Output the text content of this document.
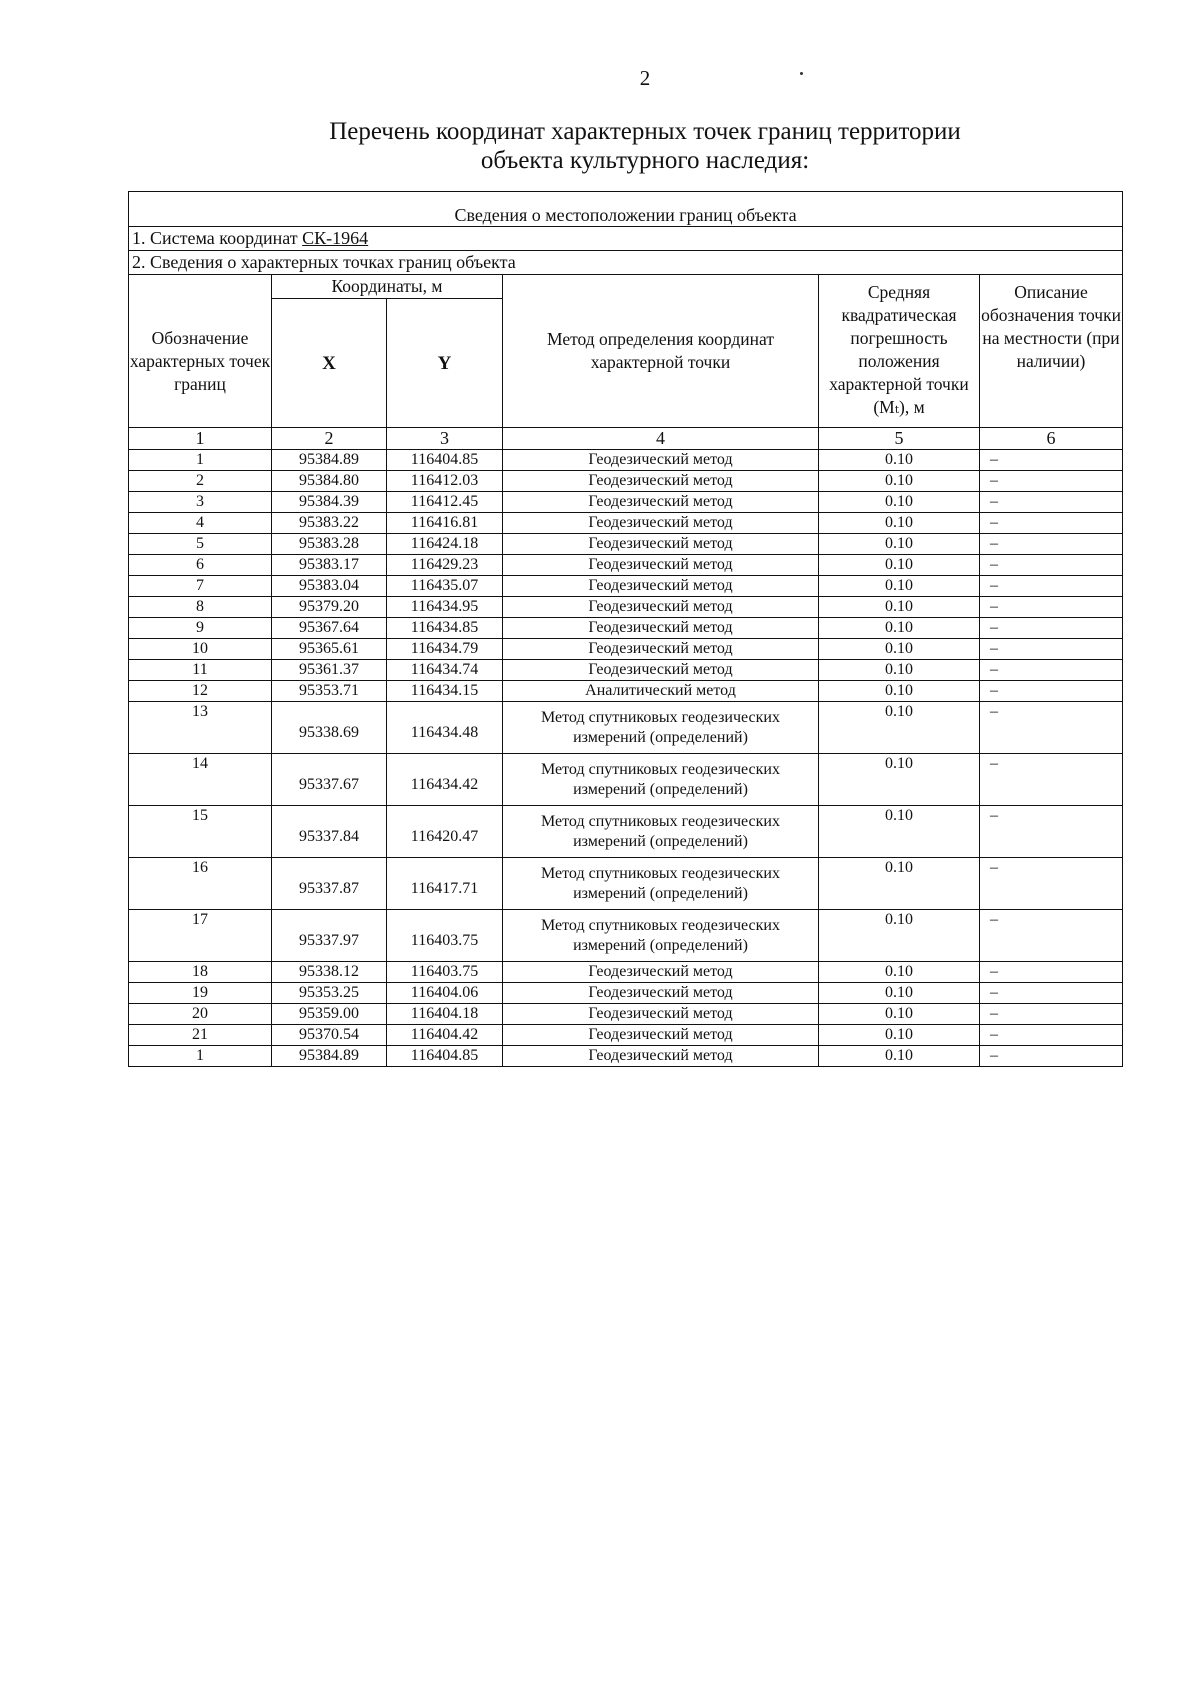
2
Перечень координат характерных точек границ территории
объекта культурного наследия:
Сведения о местоположении границ объекта					
1. Система координат СК-1964					
2. Сведения о характерных точках границ объекта					
Обозначение характерных точек границ	Координаты, м		Метод определения координат характерной точки	Средняя квадратическая погрешность положения характерной точки (Mₜ), м	Описание обозначения точки на местности (при наличии)
	X	Y			
1	2	3	4	5	6
1	95384.89	116404.85	Геодезический метод	0.10	–
2	95384.80	116412.03	Геодезический метод	0.10	–
3	95384.39	116412.45	Геодезический метод	0.10	–
4	95383.22	116416.81	Геодезический метод	0.10	–
5	95383.28	116424.18	Геодезический метод	0.10	–
6	95383.17	116429.23	Геодезический метод	0.10	–
7	95383.04	116435.07	Геодезический метод	0.10	–
8	95379.20	116434.95	Геодезический метод	0.10	–
9	95367.64	116434.85	Геодезический метод	0.10	–
10	95365.61	116434.79	Геодезический метод	0.10	–
11	95361.37	116434.74	Геодезический метод	0.10	–
12	95353.71	116434.15	Аналитический метод	0.10	–
13	95338.69	116434.48	Метод спутниковых геодезических измерений (определений)	0.10	–
14	95337.67	116434.42	Метод спутниковых геодезических измерений (определений)	0.10	–
15	95337.84	116420.47	Метод спутниковых геодезических измерений (определений)	0.10	–
16	95337.87	116417.71	Метод спутниковых геодезических измерений (определений)	0.10	–
17	95337.97	116403.75	Метод спутниковых геодезических измерений (определений)	0.10	–
18	95338.12	116403.75	Геодезический метод	0.10	–
19	95353.25	116404.06	Геодезический метод	0.10	–
20	95359.00	116404.18	Геодезический метод	0.10	–
21	95370.54	116404.42	Геодезический метод	0.10	–
1	95384.89	116404.85	Геодезический метод	0.10	–
